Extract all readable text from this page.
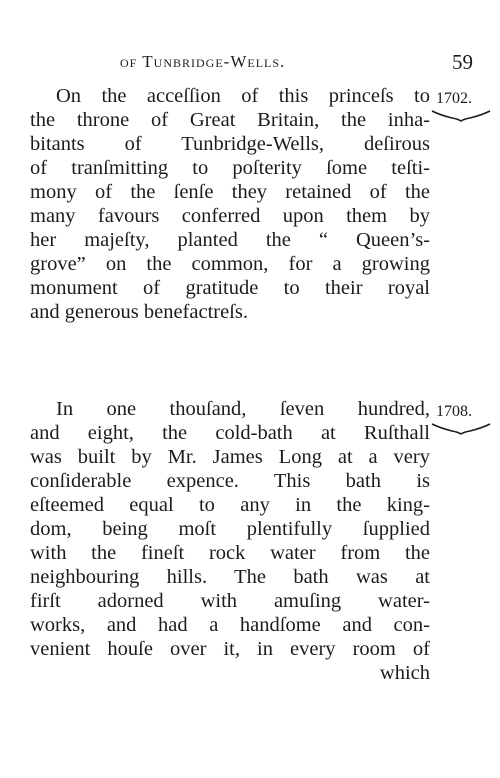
of Tunbridge-Wells.	59
On the acceſſion of this princeſs to
the throne of Great Britain, the inha-
bitants of Tunbridge-Wells, deſirous
of tranſmitting to poſterity ſome teſti-
mony of the ſenſe they retained of the
many favours conferred upon them by
her majeſty, planted the “ Queen’s-
grove” on the common, for a growing
monument of gratitude to their royal
and generous benefactreſs.
1702.
In one thouſand, ſeven hundred,
and eight, the cold-bath at Ruſthall
was built by Mr. James Long at a very
conſiderable expence. This bath is
eſteemed equal to any in the king-
dom, being moſt plentifully ſupplied
with the fineſt rock water from the
neighbouring hills. The bath was at
firſt adorned with amuſing water-
works, and had a handſome and con-
venient houſe over it, in every room of
which
1708.
